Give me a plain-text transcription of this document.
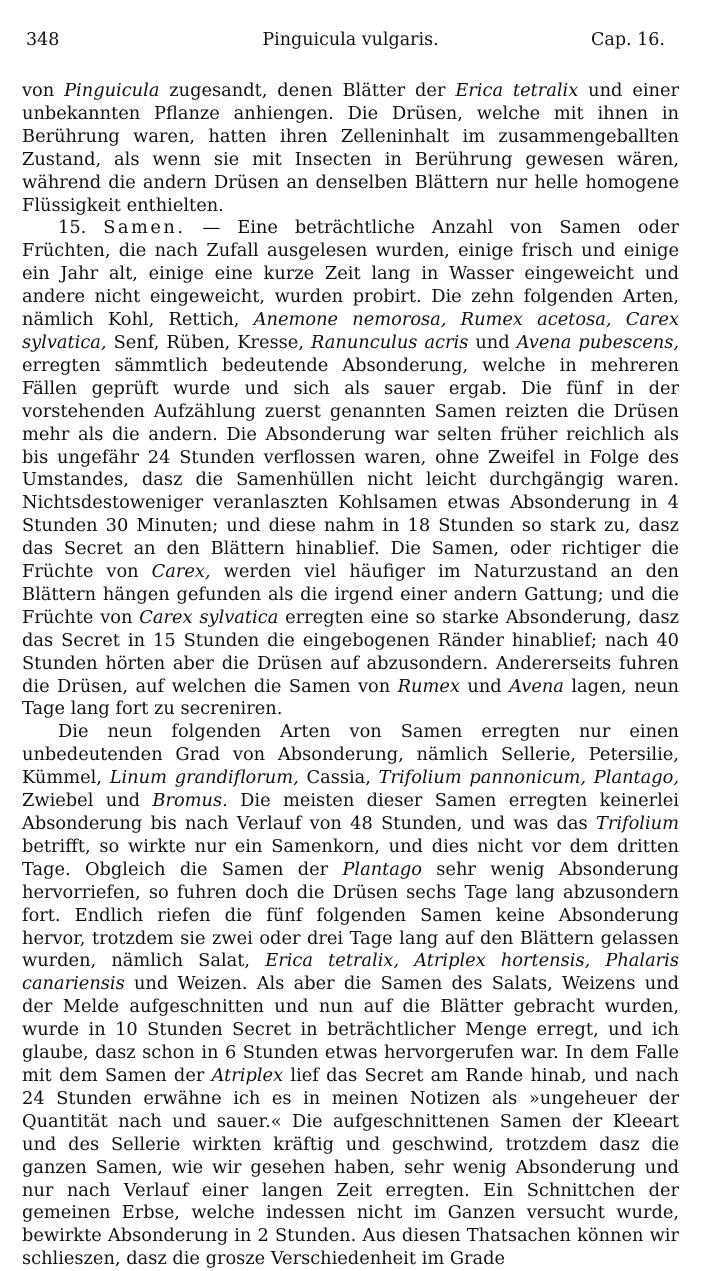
348	Pinguicula vulgaris.	Cap. 16.

von Pinguicula zugesandt, denen Blätter der Erica tetralix und einer unbekannten Pflanze anhiengen. Die Drüsen, welche mit ihnen in Berührung waren, hatten ihren Zelleninhalt im zusammengeballten Zustand, als wenn sie mit Insecten in Berührung gewesen wären, während die andern Drüsen an denselben Blättern nur helle homogene Flüssigkeit enthielten.

15. Samen. — Eine beträchtliche Anzahl von Samen oder Früchten, die nach Zufall ausgelesen wurden, einige frisch und einige ein Jahr alt, einige eine kurze Zeit lang in Wasser eingeweicht und andere nicht eingeweicht, wurden probirt. Die zehn folgenden Arten, nämlich Kohl, Rettich, Anemone nemorosa, Rumex acetosa, Carex sylvatica, Senf, Rüben, Kresse, Ranunculus acris und Avena pubescens, erregten sämmtlich bedeutende Absonderung, welche in mehreren Fällen geprüft wurde und sich als sauer ergab. Die fünf in der vorstehenden Aufzählung zuerst genannten Samen reizten die Drüsen mehr als die andern. Die Absonderung war selten früher reichlich als bis ungefähr 24 Stunden verflossen waren, ohne Zweifel in Folge des Umstandes, dasz die Samenhüllen nicht leicht durchgängig waren. Nichtsdestoweniger veranlaszten Kohlsamen etwas Absonderung in 4 Stunden 30 Minuten; und diese nahm in 18 Stunden so stark zu, dasz das Secret an den Blättern hinablief. Die Samen, oder richtiger die Früchte von Carex, werden viel häufiger im Naturzustand an den Blättern hängen gefunden als die irgend einer andern Gattung; und die Früchte von Carex sylvatica erregten eine so starke Absonderung, dasz das Secret in 15 Stunden die eingebogenen Ränder hinablief; nach 40 Stunden hörten aber die Drüsen auf abzusondern. Andererseits fuhren die Drüsen, auf welchen die Samen von Rumex und Avena lagen, neun Tage lang fort zu secreniren.

Die neun folgenden Arten von Samen erregten nur einen unbedeutenden Grad von Absonderung, nämlich Sellerie, Petersilie, Kümmel, Linum grandiflorum, Cassia, Trifolium pannonicum, Plantago, Zwiebel und Bromus. Die meisten dieser Samen erregten keinerlei Absonderung bis nach Verlauf von 48 Stunden, und was das Trifolium betrifft, so wirkte nur ein Samenkorn, und dies nicht vor dem dritten Tage. Obgleich die Samen der Plantago sehr wenig Absonderung hervorriefen, so fuhren doch die Drüsen sechs Tage lang abzusondern fort. Endlich riefen die fünf folgenden Samen keine Absonderung hervor, trotzdem sie zwei oder drei Tage lang auf den Blättern gelassen wurden, nämlich Salat, Erica tetralix, Atriplex hortensis, Phalaris canariensis und Weizen. Als aber die Samen des Salats, Weizens und der Melde aufgeschnitten und nun auf die Blätter gebracht wurden, wurde in 10 Stunden Secret in beträchtlicher Menge erregt, und ich glaube, dasz schon in 6 Stunden etwas hervorgerufen war. In dem Falle mit dem Samen der Atriplex lief das Secret am Rande hinab, und nach 24 Stunden erwähne ich es in meinen Notizen als »ungeheuer der Quantität nach und sauer.« Die aufgeschnittenen Samen der Kleeart und des Sellerie wirkten kräftig und geschwind, trotzdem dasz die ganzen Samen, wie wir gesehen haben, sehr wenig Absonderung und nur nach Verlauf einer langen Zeit erregten. Ein Schnittchen der gemeinen Erbse, welche indessen nicht im Ganzen versucht wurde, bewirkte Absonderung in 2 Stunden. Aus diesen Thatsachen können wir schlieszen, dasz die grosze Verschiedenheit im Grade
